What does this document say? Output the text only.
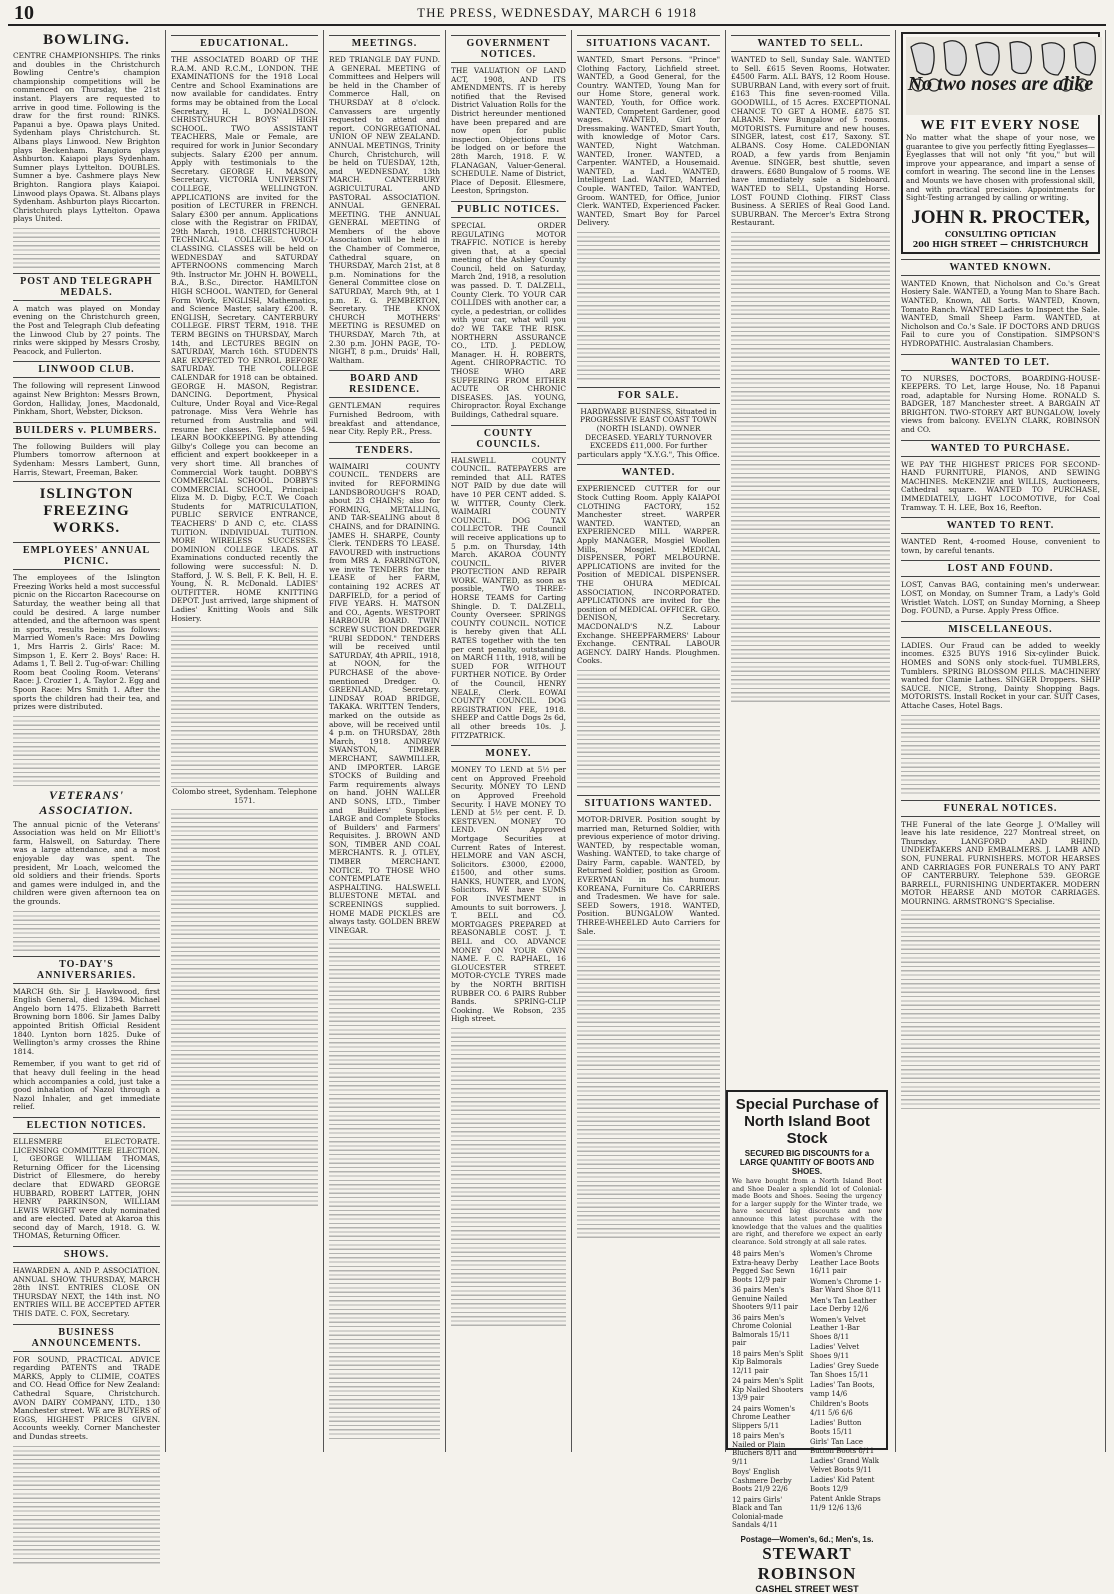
10	THE PRESS, WEDNESDAY, MARCH 6 1918
BOWLING.

CENTRE CHAMPIONSHIPS. The rinks and doubles in the Christchurch Bowling Centre's champion championship competitions will be commenced on Thursday, the 21st instant. Players are requested to arrive in good time. Following is the draw for the first round: RINKS. Papanui a bye. Opawa plays United. Sydenham plays Christchurch. St. Albans plays Linwood. New Brighton plays Beckenham. Rangiora plays Ashburton. Kaiapoi plays Sydenham. Sumner plays Lyttelton. DOUBLES. Sumner a bye. Cashmere plays New Brighton. Rangiora plays Kaiapoi. Linwood plays Opawa. St. Albans plays Sydenham. Ashburton plays Riccarton. Christchurch plays Lyttelton. Opawa plays United.

POST AND TELEGRAPH MEDALS.

A match was played on Monday evening on the Christchurch green, the Post and Telegraph Club defeating the Linwood Club by 27 points. The rinks were skipped by Messrs Crosby, Peacock, and Fullerton.

LINWOOD CLUB.

The following will represent Linwood against New Brighton: Messrs Brown, Gordon, Halliday, Jones, Macdonald, Pinkham, Short, Webster, Dickson.

BUILDERS v. PLUMBERS.

The following Builders will play Plumbers tomorrow afternoon at Sydenham: Messrs Lambert, Gunn, Harris, Stewart, Freeman, Baker.

ISLINGTON FREEZING WORKS.
EMPLOYEES' ANNUAL PICNIC.

The employees of the Islington Freezing Works held a most successful picnic on the Riccarton Racecourse on Saturday, the weather being all that could be desired. A large number attended, and the afternoon was spent in sports, results being as follows: Married Women's Race: Mrs Dowling 1, Mrs Harris 2. Girls' Race: M. Simpson 1, E. Kerr 2. Boys' Race: H. Adams 1, T. Bell 2. Tug-of-war: Chilling Room beat Cooling Room. Veterans' Race: J. Crozier 1, A. Taylor 2. Egg and Spoon Race: Mrs Smith 1. After the sports the children had their tea, and prizes were distributed.

VETERANS' ASSOCIATION.

The annual picnic of the Veterans' Association was held on Mr Elliott's farm, Halswell, on Saturday. There was a large attendance, and a most enjoyable day was spent. The president, Mr Loach, welcomed the old soldiers and their friends. Sports and games were indulged in, and the children were given afternoon tea on the grounds.

TO-DAY'S ANNIVERSARIES.

MARCH 6th. Sir J. Hawkwood, first English General, died 1394. Michael Angelo born 1475. Elizabeth Barrett Browning born 1806. Sir James Dalby appointed British Official Resident 1840. Lynton born 1825. Duke of Wellington's army crosses the Rhine 1814.

Remember, if you want to get rid of that heavy dull feeling in the head which accompanies a cold, just take a good inhalation of Nazol through a Nazol Inhaler, and get immediate relief.

ELECTION NOTICES.

ELLESMERE ELECTORATE. LICENSING COMMITTEE ELECTION. I, GEORGE WILLIAM THOMAS, Returning Officer for the Licensing District of Ellesmere, do hereby declare that EDWARD GEORGE HUBBARD, ROBERT LATTER, JOHN HENRY PARKINSON, WILLIAM LEWIS WRIGHT were duly nominated and are elected. Dated at Akaroa this second day of March, 1918. G. W. THOMAS, Returning Officer.

SHOWS.

HAWARDEN A. AND P. ASSOCIATION. ANNUAL SHOW. THURSDAY, MARCH 28th INST. ENTRIES CLOSE ON THURSDAY NEXT, the 14th inst. NO ENTRIES WILL BE ACCEPTED AFTER THIS DATE. C. FOX, Secretary.

BUSINESS ANNOUNCEMENTS.

FOR SOUND, PRACTICAL ADVICE regarding PATENTS and TRADE MARKS, Apply to CLIMIE, COATES and CO. Head Office for New Zealand: Cathedral Square, Christchurch. AVON DAIRY COMPANY, LTD., 130 Manchester street. WE are BUYERS of EGGS, HIGHEST PRICES GIVEN. Accounts weekly. Corner Manchester and Dundas streets.

EDUCATIONAL.

THE ASSOCIATED BOARD OF THE R.A.M. AND R.C.M., LONDON. THE EXAMINATIONS for the 1918 Local Centre and School Examinations are now available for candidates. Entry forms may be obtained from the Local Secretary, H. L. DONALDSON. CHRISTCHURCH BOYS' HIGH SCHOOL. TWO ASSISTANT TEACHERS, Male or Female, are required for work in Junior Secondary subjects. Salary £200 per annum. Apply with testimonials to the Secretary. GEORGE H. MASON, Secretary. VICTORIA UNIVERSITY COLLEGE, WELLINGTON. APPLICATIONS are invited for the position of LECTURER in FRENCH. Salary £300 per annum. Applications close with the Registrar on FRIDAY, 29th March, 1918. CHRISTCHURCH TECHNICAL COLLEGE. WOOL-CLASSING. CLASSES will be held on WEDNESDAY and SATURDAY AFTERNOONS commencing March 9th. Instructor Mr. JOHN H. BOWELL, B.A., B.Sc., Director. HAMILTON HIGH SCHOOL. WANTED, for General Form Work, ENGLISH, Mathematics, and Science Master, salary £200. R. ENGLISH, Secretary. CANTERBURY COLLEGE. FIRST TERM, 1918. THE TERM BEGINS on THURSDAY, March 14th, and LECTURES BEGIN on SATURDAY, March 16th. STUDENTS ARE EXPECTED TO ENROL BEFORE SATURDAY. THE COLLEGE CALENDAR for 1918 can be obtained. GEORGE H. MASON, Registrar. DANCING. Deportment, Physical Culture, Under Royal and Vice-Regal patronage. Miss Vera Wehrle has returned from Australia and will resume her classes. Telephone 594. LEARN BOOKKEEPING. By attending Gilby's College you can become an efficient and expert bookkeeper in a very short time. All branches of Commercial Work taught. DOBBY'S COMMERCIAL SCHOOL. DOBBY'S COMMERCIAL SCHOOL, Principal: Eliza M. D. Digby, F.C.T. We Coach Students for MATRICULATION, PUBLIC SERVICE ENTRANCE, TEACHERS' D AND C, etc. CLASS TUITION. INDIVIDUAL TUITION. MORE WIRELESS SUCCESSES. DOMINION COLLEGE LEADS. AT Examinations conducted recently the following were successful: N. D. Stafford, J. W. S. Bell, F. K. Bell, H. E. Young, N. R. McDonald. LADIES' OUTFITTER. HOME KNITTING DEPOT. Just arrived, large shipment of Ladies' Knitting Wools and Silk Hosiery.

Colombo street, Sydenham. Telephone 1571.

MEETINGS.

RED TRIANGLE DAY FUND. A GENERAL MEETING of Committees and Helpers will be held in the Chamber of Commerce Hall, on THURSDAY at 8 o'clock. Canvassers are urgently requested to attend and report. CONGREGATIONAL UNION OF NEW ZEALAND. ANNUAL MEETINGS, Trinity Church, Christchurch, will be held on TUESDAY, 12th, and WEDNESDAY, 13th MARCH. CANTERBURY AGRICULTURAL AND PASTORAL ASSOCIATION. ANNUAL GENERAL MEETING. THE ANNUAL GENERAL MEETING of Members of the above Association will be held in the Chamber of Commerce, Cathedral square, on THURSDAY, March 21st, at 8 p.m. Nominations for the General Committee close on SATURDAY, March 9th, at 1 p.m. E. G. PEMBERTON, Secretary. THE KNOX CHURCH MOTHERS' MEETING is RESUMED on THURSDAY, March 7th, at 2.30 p.m. JOHN PAGE, TO-NIGHT, 8 p.m., Druids' Hall, Waltham.

BOARD AND RESIDENCE.

GENTLEMAN requires Furnished Bedroom, with breakfast and attendance, near City. Reply P.R., Press.

TENDERS.

WAIMAIRI COUNTY COUNCIL. TENDERS are invited for REFORMING LANDSBOROUGH'S ROAD, about 23 CHAINS; also for FORMING, METALLING, AND TAR-SEALING about 8 CHAINS, and for DRAINING. JAMES H. SHARPE, County Clerk. TENDERS TO LEASE. FAVOURED with instructions from MRS A. FARRINGTON, we invite TENDERS for the LEASE of her FARM, containing 192 ACRES AT DARFIELD, for a period of FIVE YEARS. H. MATSON and CO., Agents. WESTPORT HARBOUR BOARD. TWIN SCREW SUCTION DREDGER "RUBI SEDDON." TENDERS will be received until SATURDAY, 4th APRIL, 1918, at NOON, for the PURCHASE of the above-mentioned Dredger. O. GREENLAND, Secretary. LINDSAY ROAD BRIDGE, TAKAKA. WRITTEN Tenders, marked on the outside as above, will be received until 4 p.m. on THURSDAY, 28th March, 1918. ANDREW SWANSTON, TIMBER MERCHANT, SAWMILLER, AND IMPORTER. LARGE STOCKS of Building and Farm requirements always on hand. JOHN WALLER AND SONS, LTD., Timber and Builders' Supplies. LARGE and Complete Stocks of Builders' and Farmers' Requisites. J. BROWN AND SON, TIMBER AND COAL MERCHANTS. R. J. OTLEY, TIMBER MERCHANT. NOTICE. TO THOSE WHO CONTEMPLATE ASPHALTING. HALSWELL BLUESTONE METAL and SCREENINGS supplied. HOME MADE PICKLES are always tasty. GOLDEN BREW VINEGAR.

GOVERNMENT NOTICES.

THE VALUATION OF LAND ACT, 1908, AND ITS AMENDMENTS. IT is hereby notified that the Revised District Valuation Rolls for the District hereunder mentioned have been prepared and are now open for public inspection. Objections must be lodged on or before the 28th March, 1918. F. W. FLANAGAN, Valuer-General. SCHEDULE. Name of District, Place of Deposit. Ellesmere, Leeston, Springston.

PUBLIC NOTICES.

SPECIAL ORDER REGULATING MOTOR TRAFFIC. NOTICE is hereby given that, at a special meeting of the Ashley County Council, held on Saturday, March 2nd, 1918, a resolution was passed. D. T. DALZELL, County Clerk. TO YOUR CAR COLLIDES with another car, a cycle, a pedestrian, or collides with your car, what will you do? WE TAKE THE RISK. NORTHERN ASSURANCE CO., LTD. J. PEDLOW, Manager. H. H. ROBERTS, Agent. CHIROPRACTIC. TO THOSE WHO ARE SUFFERING FROM EITHER ACUTE OR CHRONIC DISEASES. JAS. YOUNG, Chiropractor. Royal Exchange Buildings, Cathedral square.

COUNTY COUNCILS.

HALSWELL COUNTY COUNCIL. RATEPAYERS are reminded that ALL RATES NOT PAID by due date will have 10 PER CENT added. S. W. WITTER, County Clerk. WAIMAIRI COUNTY COUNCIL. DOG TAX COLLECTOR. THE Council will receive applications up to 5 p.m. on Thursday, 14th March. AKAROA COUNTY COUNCIL. RIVER PROTECTION AND REPAIR WORK. WANTED, as soon as possible, TWO THREE-HORSE TEAMS for Carting Shingle. D. T. DALZELL, County Overseer. SPRINGS COUNTY COUNCIL. NOTICE is hereby given that ALL RATES together with the ten per cent penalty, outstanding on MARCH 11th, 1918, will be SUED FOR WITHOUT FURTHER NOTICE. By Order of the Council, HENRY NEALE, Clerk. EOWAI COUNTY COUNCIL. DOG REGISTRATION FEE, 1918. SHEEP and Cattle Dogs 2s 6d, all other breeds 10s. J. FITZPATRICK.

MONEY.

MONEY TO LEND at 5½ per cent on Approved Freehold Security. MONEY TO LEND on Approved Freehold Security. I HAVE MONEY TO LEND at 5½ per cent. F. D. KESTEVEN. MONEY TO LEND. ON Approved Mortgage Securities at Current Rates of Interest. HELMORE and VAN ASCH, Solicitors. £3000, £2000, £1500, and other sums. HANKS, HUNTER, and LYON, Solicitors. WE have SUMS FOR INVESTMENT in Amounts to suit borrowers. J. T. BELL and CO. MORTGAGES PREPARED at REASONABLE COST. J. T. BELL and CO. ADVANCE MONEY ON YOUR OWN NAME. F. C. RAPHAEL, 16 GLOUCESTER STREET. MOTOR-CYCLE TYRES made by the NORTH BRITISH RUBBER CO. 6 PAIRS Rubber Bands. SPRING-CLIP Cooking. We Robson, 235 High street.

SITUATIONS VACANT.

WANTED, Smart Persons. "Prince" Clothing Factory, Lichfield street. WANTED, a Good General, for the Country. WANTED, Young Man for our Home Store, general work. WANTED, Youth, for Office work. WANTED, Competent Gardener, good wages. WANTED, Girl for Dressmaking. WANTED, Smart Youth, with knowledge of Motor Cars. WANTED, Night Watchman. WANTED, Ironer. WANTED, a Carpenter. WANTED, a Housemaid. WANTED, a Lad. WANTED, Intelligent Lad. WANTED, Married Couple. WANTED, Tailor. WANTED, Groom. WANTED, for Office, Junior Clerk. WANTED, Experienced Packer. WANTED, Smart Boy for Parcel Delivery.

FOR SALE.

HARDWARE BUSINESS, Situated in PROGRESSIVE EAST COAST TOWN (NORTH ISLAND). OWNER DECEASED. YEARLY TURNOVER EXCEEDS £11,000. For further particulars apply "X.Y.G.", This Office.

WANTED.

EXPERIENCED CUTTER for our Stock Cutting Room. Apply KAIAPOI CLOTHING FACTORY, 152 Manchester street. WARPER WANTED. WANTED, an EXPERIENCED MILL WARPER. Apply MANAGER, Mosgiel Woollen Mills, Mosgiel. MEDICAL DISPENSER, PORT MELBOURNE. APPLICATIONS are invited for the Position of MEDICAL DISPENSER. THE OHURA MEDICAL ASSOCIATION, INCORPORATED. APPLICATIONS are invited for the position of MEDICAL OFFICER. GEO. DENISON, Secretary. MACDONALD'S N.Z. Labour Exchange. SHEEPFARMERS' Labour Exchange. CENTRAL LABOUR AGENCY. DAIRY Hands. Ploughmen. Cooks.

SITUATIONS WANTED.

MOTOR-DRIVER. Position sought by married man, Returned Soldier, with previous experience of motor driving. WANTED, by respectable woman, Washing. WANTED, to take charge of Dairy Farm, capable. WANTED, by Returned Soldier, position as Groom. EVERYMAN in his humour. KOREANA, Furniture Co. CARRIERS and Tradesmen. We have for sale. SEED Sowers, 1918. WANTED, Position. BUNGALOW Wanted. THREE-WHEELED Auto Carriers for Sale.

WANTED TO SELL.

WANTED to Sell, Sunday Sale. WANTED to Sell. £615 Seven Rooms, Hotwater. £4500 Farm. ALL BAYS, 12 Room House. SUBURBAN Land, with every sort of fruit. £163 This fine seven-roomed Villa. GOODWILL, of 15 Acres. EXCEPTIONAL CHANCE TO GET A HOME. £875 ST. ALBANS. New Bungalow of 5 rooms. MOTORISTS. Furniture and new houses. SINGER, latest, cost £17, Saxony. ST. ALBANS. Cosy Home. CALEDONIAN ROAD, a few yards from Benjamin Avenue. SINGER, best shuttle, seven drawers. £680 Bungalow of 5 rooms. WE have immediately sale a Sideboard. WANTED to SELL, Upstanding Horse. LOST FOUND Clothing. FIRST Class Business. A SERIES of Real Good Land. SUBURBAN. The Mercer's Extra Strong Restaurant.

Special Purchase of North Island Boot Stock
SECURED BIG DISCOUNTS for a LARGE QUANTITY OF BOOTS AND SHOES.

We have bought from a North Island Boot and Shoe Dealer a splendid lot of Colonial-made Boots and Shoes. Seeing the urgency for a larger supply for the Winter trade, we have secured big discounts and now announce this latest purchase with the knowledge that the values and the qualities are right, and therefore we expect an early clearance. Sold strongly at all sale rates.

48 pairs Men's Extra-heavy Derby Pegged Sac Sewn Boots 12/9 pair
36 pairs Men's Genuine Nailed Shooters 9/11 pair
36 pairs Men's Chrome Colonial Balmorals 15/11 pair
18 pairs Men's Split Kip Balmorals 12/11 pair
24 pairs Men's Split Kip Nailed Shooters 13/9 pair
24 pairs Women's Chrome Leather Slippers 5/11
18 pairs Men's Nailed or Plain Bluchers 8/11 and 9/11
Boys' English Cashmere Derby Boots 21/9 22/6
12 pairs Girls' Black and Tan Colonial-made Sandals 4/11
Women's Chrome Leather Lace Boots 16/11 pair
Women's Chrome 1-Bar Ward Shoe 8/11
Men's Tan Leather Lace Derby 12/6
Women's Velvet Leather 1-Bar Shoes 8/11
Ladies' Velvet Shoes 9/11
Ladies' Grey Suede Tan Shoes 15/11
Ladies' Tan Boots, vamp 14/6
Children's Boots 4/11 5/6 6/6
Ladies' Button Boots 15/11
Girls' Tan Lace Button Boots 8/11
Ladies' Grand Walk Velvet Boots 9/11
Ladies' Kid Patent Boots 12/9
Patent Ankle Straps 11/9 12/6 13/6
Postage—Women's, 6d.; Men's, 1s.
STEWART ROBINSON
CASHEL STREET WEST
No two noses are alike
WE FIT EVERY NOSE

No matter what the shape of your nose, we guarantee to give you perfectly fitting Eyeglasses—Eyeglasses that will not only "fit you," but will improve your appearance, and impart a sense of comfort in wearing. The second line in the Lenses and Mounts we have chosen with professional skill, and with practical precision. Appointments for Sight-Testing arranged by calling or writing.

JOHN R. PROCTER,
CONSULTING OPTICIAN
200 HIGH STREET — CHRISTCHURCH
WANTED KNOWN.

WANTED Known, that Nicholson and Co.'s Great Hosiery Sale. WANTED, a Young Man to Share Bach. WANTED, Known, All Sorts. WANTED, Known, Tomato Ranch. WANTED Ladies to Inspect the Sale. WANTED, Small Sheep Farm. WANTED, at Nicholson and Co.'s Sale. IF DOCTORS AND DRUGS Fail to cure you of Constipation. SIMPSON'S HYDROPATHIC. Australasian Chambers.

WANTED TO LET.

TO NURSES, DOCTORS, BOARDING-HOUSE-KEEPERS. TO Let, large House, No. 18 Papanui road, adaptable for Nursing Home. RONALD S. BADGER, 187 Manchester street. A BARGAIN AT BRIGHTON. TWO-STOREY ART BUNGALOW, lovely views from balcony. EVELYN CLARK, ROBINSON and CO.

WANTED TO PURCHASE.

WE PAY THE HIGHEST PRICES FOR SECOND-HAND FURNITURE, PIANOS, AND SEWING MACHINES. McKENZIE and WILLIS, Auctioneers, Cathedral square. WANTED TO PURCHASE, IMMEDIATELY, LIGHT LOCOMOTIVE, for Coal Tramway. T. H. LEE, Box 16, Reefton.

WANTED TO RENT.

WANTED Rent, 4-roomed House, convenient to town, by careful tenants.

LOST AND FOUND.

LOST, Canvas BAG, containing men's underwear. LOST, on Monday, on Sumner Tram, a Lady's Gold Wristlet Watch. LOST, on Sunday Morning, a Sheep Dog. FOUND, a Purse. Apply Press Office.

MISCELLANEOUS.

LADIES. Our Fraud can be added to weekly incomes. £325 BUYS 1916 Six-cylinder Buick. HOMES and SONS only stock-fuel. TUMBLERS, Tumblers. SPRING BLOSSOM PILLS. MACHINERY wanted for Clamie Lathes. SINGER Droppers. SHIP SAUCE. NICE, Strong, Dainty Shopping Bags. MOTORISTS. Install Rocket in your car. SUIT Cases, Attache Cases, Hotel Bags.

FUNERAL NOTICES.

THE Funeral of the late George J. O'Malley will leave his late residence, 227 Montreal street, on Thursday. LANGFORD AND RHIND, UNDERTAKERS AND EMBALMERS. J. LAMB AND SON, FUNERAL FURNISHERS. MOTOR HEARSES AND CARRIAGES FOR FUNERALS TO ANY PART OF CANTERBURY. Telephone 539. GEORGE BARRELL, FURNISHING UNDERTAKER. MODERN MOTOR HEARSE AND MOTOR CARRIAGES. MOURNING. ARMSTRONG'S Specialise.
